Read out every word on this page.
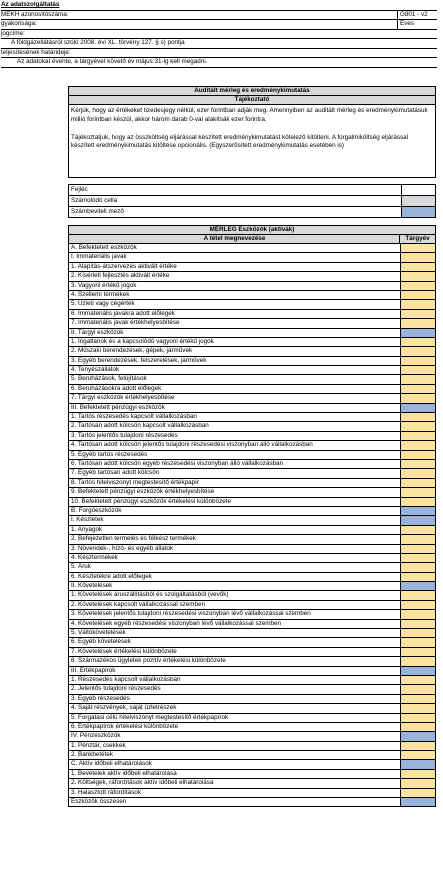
Az adatszolgáltatás
MEKH azonosítószáma:	G801 - v2
gyakorisága:	Éves
jogcíme:
A földgázellátásról szóló 2008. évi XL. törvény 127. § s) pontja
teljesítésének határideje:
Az adatokat évente, a tárgyévet követő év május 31-ig kell megadni.
Auditált mérleg és eredménykimutatás
Tájékoztató

Kérjük, hogy az értékeket tizedesjegy nélkül, ezer forintban adják meg. Amennyiben az auditált mérleg és eredménykimutatásuk millió forintban készül, akkor három darab 0-val alakítsák ezer forintra.

Tájékoztatjuk, hogy az összköltség eljárással készített eredménykimutatást kötelező kitölteni. A forgalmiköltség eljárással készített eredménykimutatás kitöltése opcionális. (Egyszerűsített eredménykimutatás esetében is)

Fejléc
Számolódó cella
Számbeviteli mező
MÉRLEG Eszközök (aktívák)
A tétel megnevezése	Tárgyév
A. Befektetett eszközök
I. Immateriális javak
1. Alapítás-átszervezés aktivált értéke
2. Kísérleti fejlesztés aktivált értéke
3. Vagyoni értékű jogok
4. Szellemi termékek
5. Üzleti vagy cégérték
6. Immateriális javakra adott előlegek
7. Immateriális javak értékhelyesbítése
II. Tárgyi eszközök
1. Ingatlanok és a kapcsolódó vagyoni értékű jogok
2. Műszaki berendezések, gépek, járművek
3. Egyéb berendezések, felszerelések, járművek
4. Tenyészállatok
5. Beruházások, felújítások
6. Beruházásokra adott előlegek
7. Tárgyi eszközök értékhelyesbítése
III. Befektetett pénzügyi eszközök
1. Tartós részesedés kapcsolt vállalkozásban
2. Tartósan adott kölcsön kapcsolt vállalkozásban
3. Tartós jelentős tulajdoni részesedés
4. Tartósan adott kölcsön jelentős tulajdoni részesedési viszonyban álló vállalkozásban
5. Egyéb tartós részesedés
6. Tartósan adott kölcsön egyéb részesedési viszonyban álló vállalkozásban
7. Egyéb tartósan adott kölcsön
8. Tartós hitelviszonyt megtestesítő értékpapír
9. Befektetett pénzügyi eszközök értékhelyesbítése
10. Befektetett pénzügyi eszközök értékelési különbözete
B. Forgóeszközök
I. Készletek
1. Anyagok
2. Befejezetlen termelés és félkész termékek
3. Növendék-, hízó- és egyéb állatok
4. Késztermékek
5. Áruk
6. Készletekre adott előlegek
II. Követelések
1. Követelések áruszállításból és szolgáltatásból (vevők)
2. Követelések kapcsolt vállalkozással szemben
3. Követelések jelentős tulajdoni részesedési viszonyban lévő vállalkozással szemben
4. Követelések egyéb részesedési viszonyban lévő vállalkozással szemben
5. Váltókövetelések
6. Egyéb követelések
7. Követelések értékelési különbözete
8. Származékos ügyletek pozitív értékelési különbözete
III. Értékpapírok
1. Részesedés kapcsolt vállalkozásban
2. Jelentős tulajdoni részesedés
3. Egyéb részesedés
4. Saját részvények, saját üzletrészek
5. Forgatási célú hitelviszonyt megtestesítő értékpapírok
6. Értékpapírok értékelési különbözete
IV. Pénzeszközök
1. Pénztár, csekkek
2. Bankbetétek
C. Aktív időbeli elhatárolások
1. Bevételek aktív időbeli elhatárolása
2. Költségek, ráfordítások aktív időbeli elhatárolása
3. Halasztott ráfordítások
Eszközök összesen
